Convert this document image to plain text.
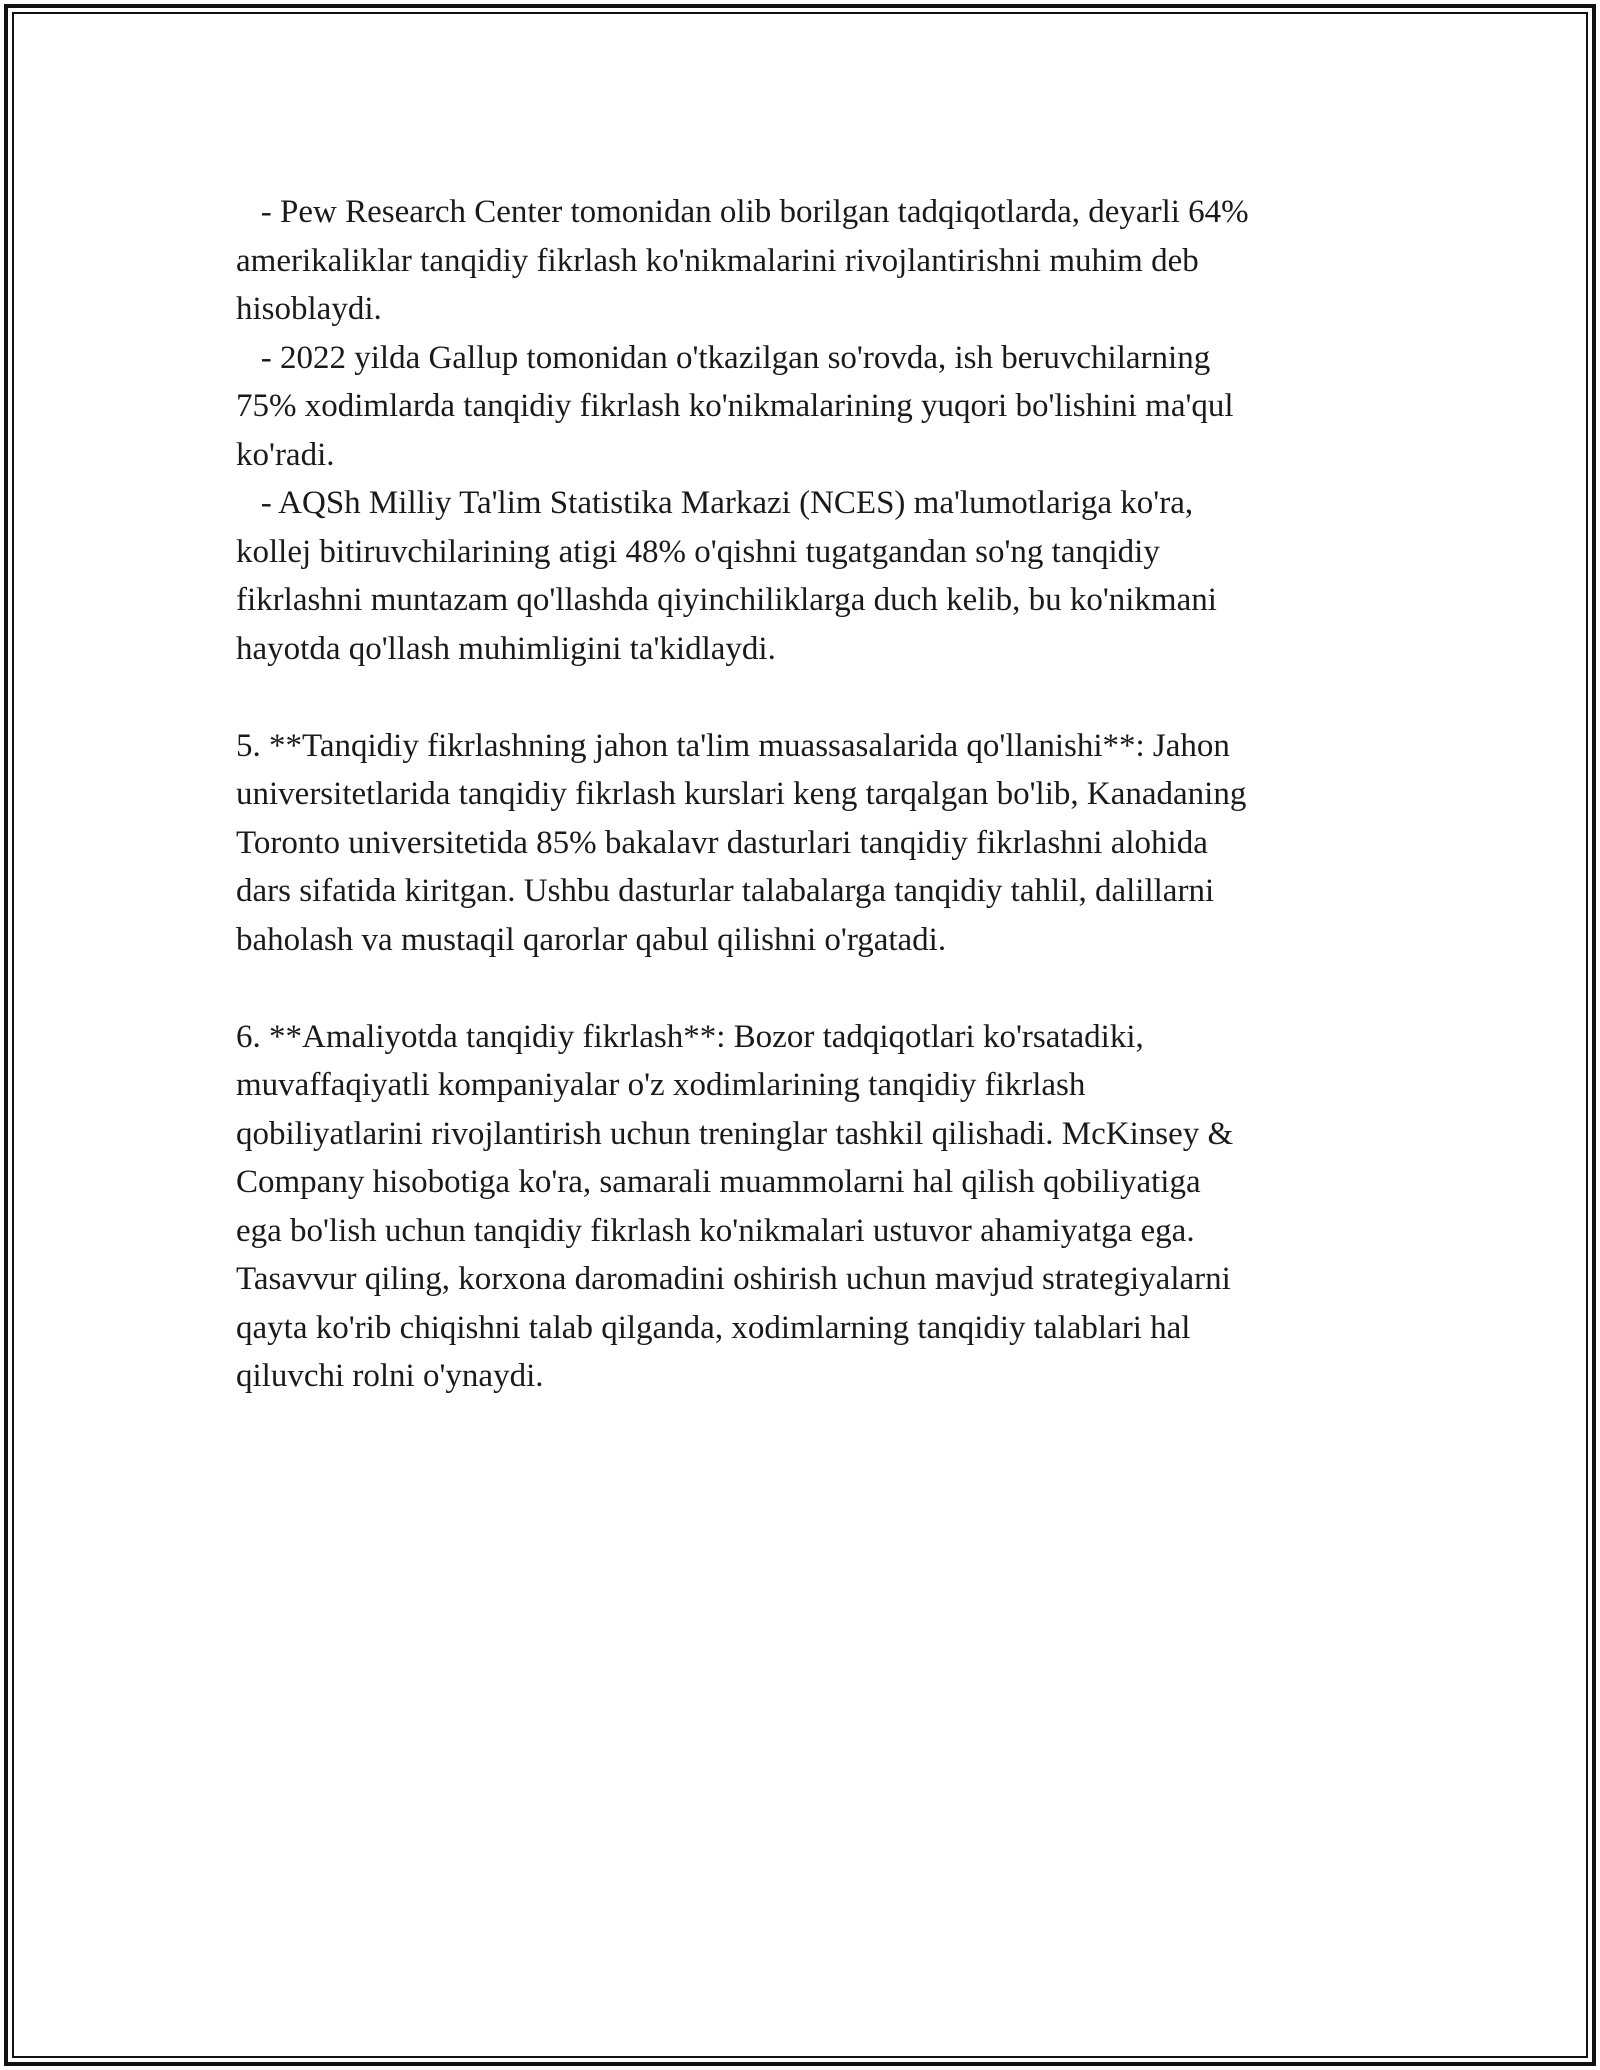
- Pew Research Center tomonidan olib borilgan tadqiqotlarda, deyarli 64%
amerikaliklar tanqidiy fikrlash ko'nikmalarini rivojlantirishni muhim deb
hisoblaydi.
- 2022 yilda Gallup tomonidan o'tkazilgan so'rovda, ish beruvchilarning
75% xodimlarda tanqidiy fikrlash ko'nikmalarining yuqori bo'lishini ma'qul
ko'radi.
- AQSh Milliy Ta'lim Statistika Markazi (NCES) ma'lumotlariga ko'ra,
kollej bitiruvchilarining atigi 48% o'qishni tugatgandan so'ng tanqidiy
fikrlashni muntazam qo'llashda qiyinchiliklarga duch kelib, bu ko'nikmani
hayotda qo'llash muhimligini ta'kidlaydi.
5. **Tanqidiy fikrlashning jahon ta'lim muassasalarida qo'llanishi**: Jahon
universitetlarida tanqidiy fikrlash kurslari keng tarqalgan bo'lib, Kanadaning
Toronto universitetida 85% bakalavr dasturlari tanqidiy fikrlashni alohida
dars sifatida kiritgan. Ushbu dasturlar talabalarga tanqidiy tahlil, dalillarni
baholash va mustaqil qarorlar qabul qilishni o'rgatadi.
6. **Amaliyotda tanqidiy fikrlash**: Bozor tadqiqotlari ko'rsatadiki,
muvaffaqiyatli kompaniyalar o'z xodimlarining tanqidiy fikrlash
qobiliyatlarini rivojlantirish uchun treninglar tashkil qilishadi. McKinsey &
Company hisobotiga ko'ra, samarali muammolarni hal qilish qobiliyatiga
ega bo'lish uchun tanqidiy fikrlash ko'nikmalari ustuvor ahamiyatga ega.
Tasavvur qiling, korxona daromadini oshirish uchun mavjud strategiyalarni
qayta ko'rib chiqishni talab qilganda, xodimlarning tanqidiy talablari hal
qiluvchi rolni o'ynaydi.
